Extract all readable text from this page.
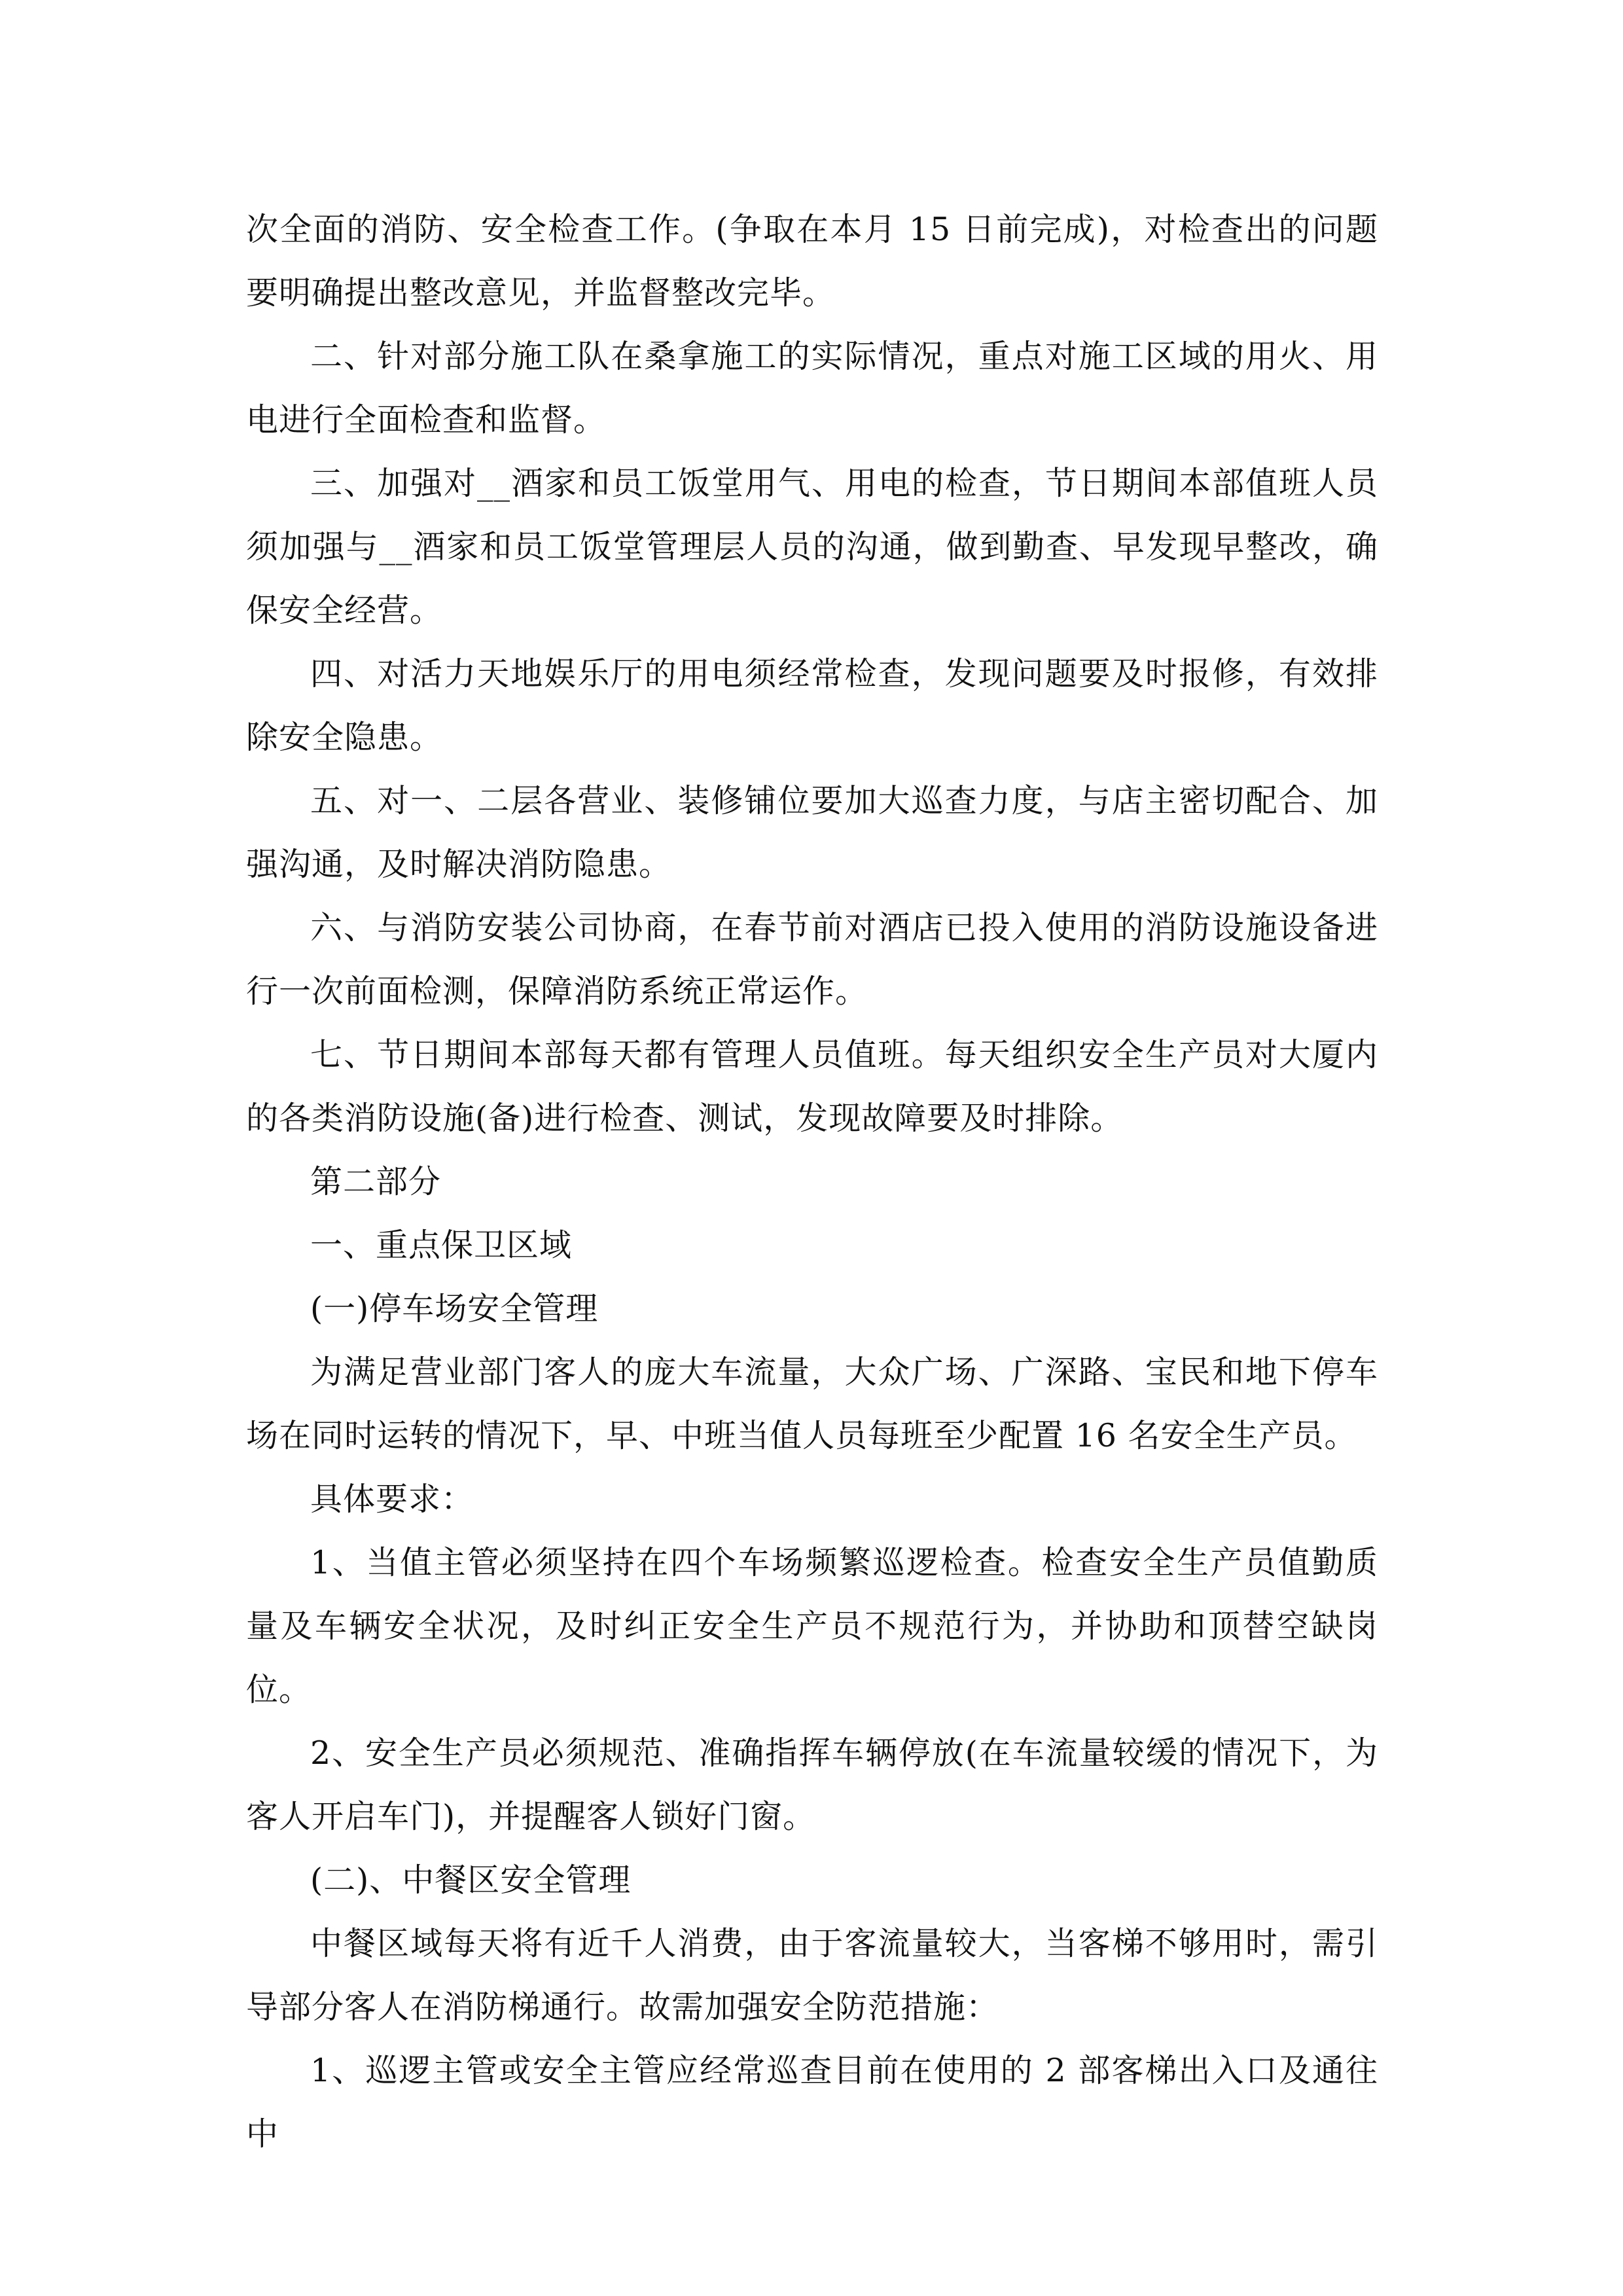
次全面的消防、安全检查工作。(争取在本月 15 日前完成)，对检查出的问题要明确提出整改意见，并监督整改完毕。

二、针对部分施工队在桑拿施工的实际情况，重点对施工区域的用火、用电进行全面检查和监督。

三、加强对__酒家和员工饭堂用气、用电的检查，节日期间本部值班人员须加强与__酒家和员工饭堂管理层人员的沟通，做到勤查、早发现早整改，确保安全经营。

四、对活力天地娱乐厅的用电须经常检查，发现问题要及时报修，有效排除安全隐患。

五、对一、二层各营业、装修铺位要加大巡查力度，与店主密切配合、加强沟通，及时解决消防隐患。

六、与消防安装公司协商，在春节前对酒店已投入使用的消防设施设备进行一次前面检测，保障消防系统正常运作。

七、节日期间本部每天都有管理人员值班。每天组织安全生产员对大厦内的各类消防设施(备)进行检查、测试，发现故障要及时排除。

第二部分

一、重点保卫区域

(一)停车场安全管理

为满足营业部门客人的庞大车流量，大众广场、广深路、宝民和地下停车场在同时运转的情况下，早、中班当值人员每班至少配置 16 名安全生产员。

具体要求：

1、当值主管必须坚持在四个车场频繁巡逻检查。检查安全生产员值勤质量及车辆安全状况，及时纠正安全生产员不规范行为，并协助和顶替空缺岗位。

2、安全生产员必须规范、准确指挥车辆停放(在车流量较缓的情况下，为客人开启车门)，并提醒客人锁好门窗。

(二)、中餐区安全管理

中餐区域每天将有近千人消费，由于客流量较大，当客梯不够用时，需引导部分客人在消防梯通行。故需加强安全防范措施：

1、巡逻主管或安全主管应经常巡查目前在使用的 2 部客梯出入口及通往中
